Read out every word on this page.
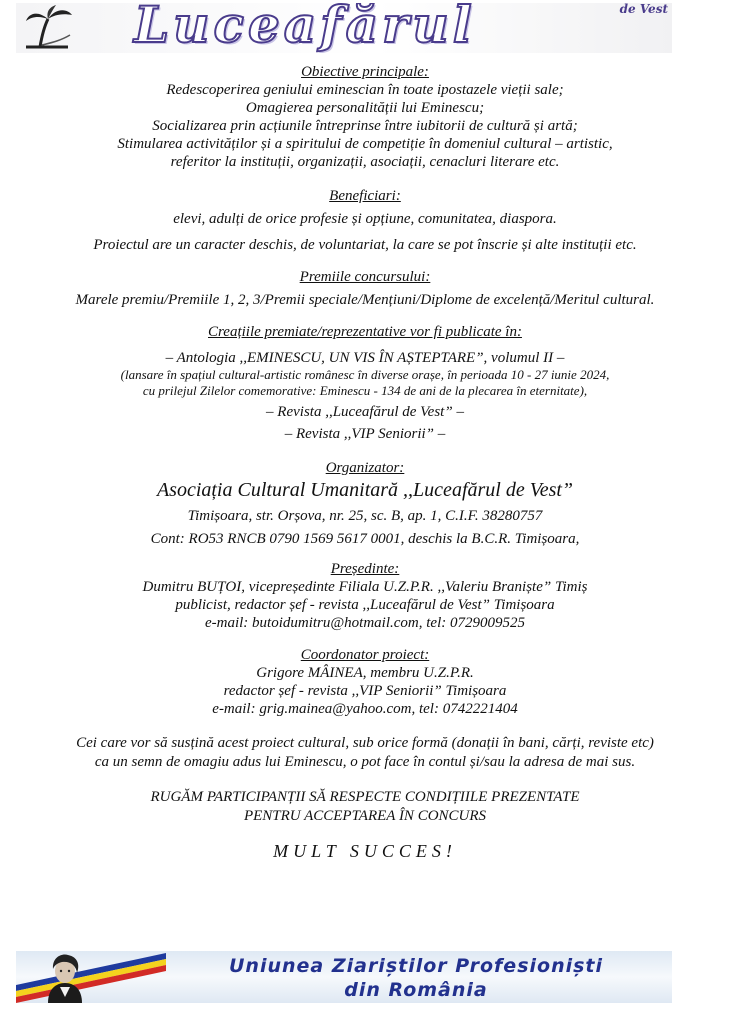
Luceafărul	de Vest
Obiective principale:
Redescoperirea geniului eminescian în toate ipostazele vieții sale;
Omagierea personalității lui Eminescu;
Socializarea prin acțiunile întreprinse între iubitorii de cultură și artă;
Stimularea activităților și a spiritului de competiție în domeniul cultural – artistic,
referitor la instituții, organizații, asociații, cenacluri literare etc.
Beneficiari:
elevi, adulți de orice profesie și opțiune, comunitatea, diaspora.
Proiectul are un caracter deschis, de voluntariat, la care se pot înscrie și alte instituții etc.
Premiile concursului:
Marele premiu/Premiile 1, 2, 3/Premii speciale/Mențiuni/Diplome de excelență/Meritul cultural.
Creațiile premiate/reprezentative vor fi publicate în:
– Antologia ,,EMINESCU, UN VIS ÎN AȘTEPTARE”, volumul II –
(lansare în spațiul cultural-artistic românesc în diverse orașe, în perioada 10 - 27 iunie 2024,
cu prilejul Zilelor comemorative: Eminescu - 134 de ani de la plecarea în eternitate),
– Revista ,,Luceafărul de Vest” –
– Revista ,,VIP Seniorii” –
Organizator:
Asociația Cultural Umanitară ,,Luceafărul de Vest”
Timișoara, str. Orșova, nr. 25, sc. B, ap. 1, C.I.F. 38280757
Cont: RO53 RNCB 0790 1569 5617 0001, deschis la B.C.R. Timișoara,
Președinte:
Dumitru BUȚOI, vicepreședinte Filiala U.Z.P.R. ,,Valeriu Braniște” Timiș
publicist, redactor șef - revista ,,Luceafărul de Vest” Timișoara
e-mail: butoidumitru@hotmail.com, tel: 0729009525
Coordonator proiect:
Grigore MÂINEA, membru U.Z.P.R.
redactor șef - revista ,,VIP Seniorii” Timișoara
e-mail: grig.mainea@yahoo.com, tel: 0742221404
Cei care vor să susțină acest proiect cultural, sub orice formă (donații în bani, cărți, reviste etc)
ca un semn de omagiu adus lui Eminescu, o pot face în contul și/sau la adresa de mai sus.
RUGĂM PARTICIPANȚII SĂ RESPECTE CONDIȚIILE PREZENTATE
PENTRU ACCEPTAREA ÎN CONCURS
MULT SUCCES!
Uniunea Ziariștilor Profesioniști
din România
